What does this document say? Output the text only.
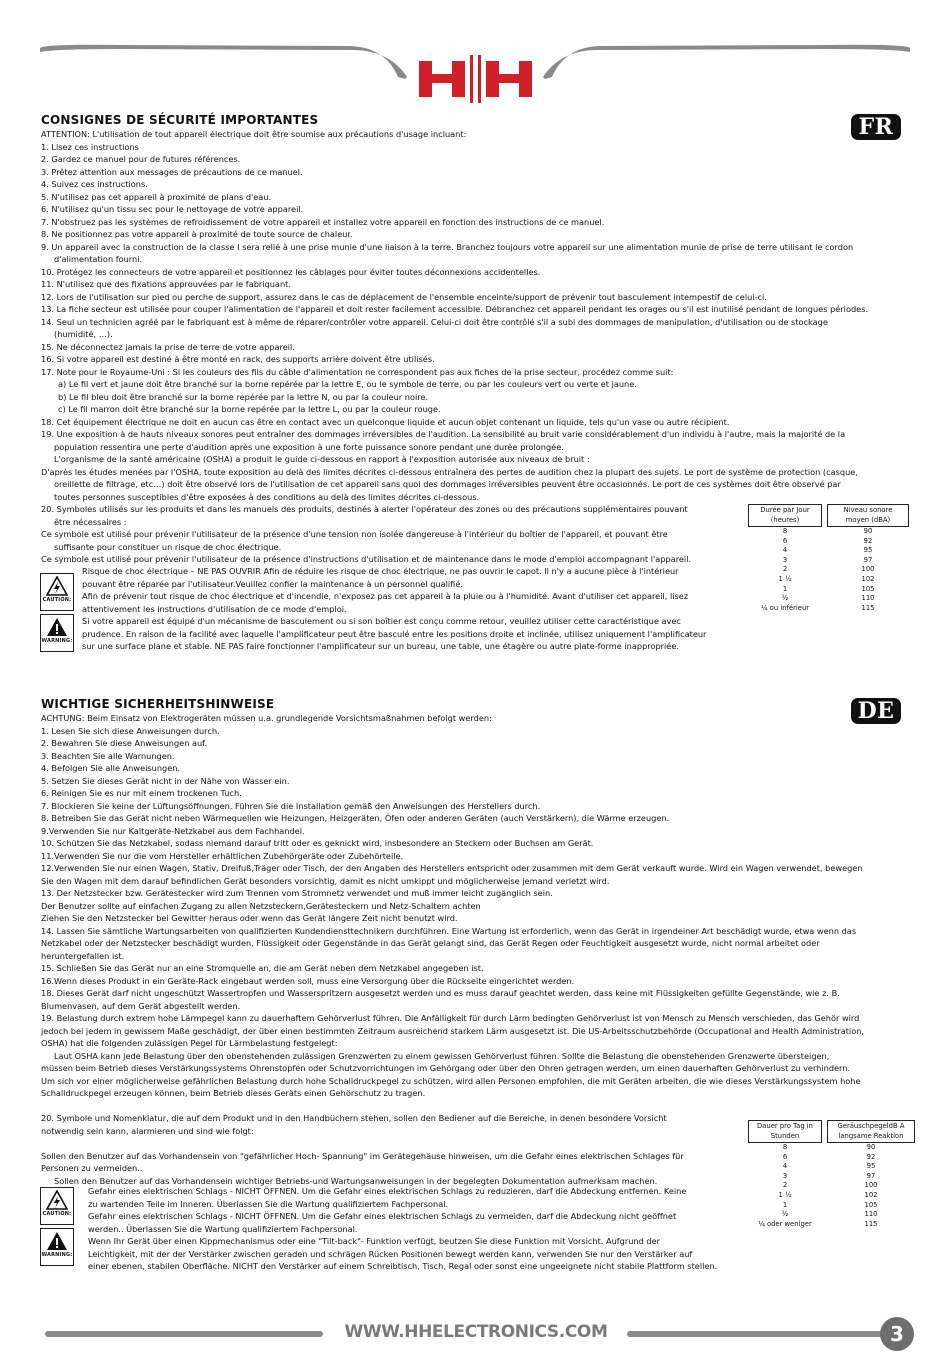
FR
CONSIGNES DE SÉCURITÉ IMPORTANTES

ATTENTION: L'utilisation de tout appareil électrique doit être soumise aux précautions d'usage incluant:

1. Lisez ces instructions

2. Gardez ce manuel pour de futures références.

3. Prêtez attention aux messages de précautions de ce manuel.

4. Suivez ces instructions.

5. N'utilisez pas cet appareil à proximité de plans d'eau.

6. N'utilisez qu'un tissu sec pour le nettoyage de votre appareil.

7. N'obstruez pas les systèmes de refroidissement de votre appareil et installez votre appareil en fonction des instructions de ce manuel.

8. Ne positionnez pas votre appareil à proximité de toute source de chaleur.

9. Un appareil avec la construction de la classe I sera relié à une prise munie d'une liaison à la terre. Branchez toujours votre appareil sur une alimentation munie de prise de terre utilisant le cordon

d'alimentation fourni.

10. Protégez les connecteurs de votre appareil et positionnez les câblages pour éviter toutes déconnexions accidentelles.

11. N'utilisez que des fixations approuvées par le fabriquant.

12. Lors de l'utilisation sur pied ou perche de support, assurez dans le cas de déplacement de l'ensemble enceinte/support de prévenir tout basculement intempestif de celui-ci.

13. La fiche secteur est utilisée pour couper l'alimentation de l'appareil et doit rester facilement accessible. Débranchez cet appareil pendant les orages ou s'il est inutilisé pendant de longues périodes.

14. Seul un technicien agréé par le fabriquant est à même de réparer/contrôler votre appareil. Celui-ci doit être contrôlé s'il a subi des dommages de manipulation, d'utilisation ou de stockage

(humidité, …).

15. Ne déconnectez jamais la prise de terre de votre appareil.

16. Si votre appareil est destiné à être monté en rack, des supports arrière doivent être utilisés.

17. Note pour le Royaume-Uni : Si les couleurs des fils du câble d'alimentation ne correspondent pas aux fiches de la prise secteur, procédez comme suit:

a) Le fil vert et jaune doit être branché sur la borne repérée par la lettre E, ou le symbole de terre, ou par les couleurs vert ou verte et jaune.

b) Le fil bleu doit être branché sur la borne repérée par la lettre N, ou par la couleur noire.

c) Le fil marron doit être branché sur la borne repérée par la lettre L, ou par la couleur rouge.

18. Cet équipement électrique ne doit en aucun cas être en contact avec un quelconque liquide et aucun objet contenant un liquide, tels qu'un vase ou autre récipient.

19. Une exposition à de hauts niveaux sonores peut entraîner des dommages irréversibles de l'audition. La sensibilité au bruit varie considérablement d'un individu à l'autre, mais la majorité de la

population ressentira une perte d'audition après une exposition à une forte puissance sonore pendant une durée prolongée.

L'organisme de la santé américaine (OSHA) a produit le guide ci-dessous en rapport à l'exposition autorisée aux niveaux de bruit :

D'après les études menées par l'OSHA, toute exposition au delà des limites décrites ci-dessous entraînera des pertes de audition chez la plupart des sujets. Le port de système de protection (casque,

oreillette de filtrage, etc…) doit être observé lors de l'utilisation de cet appareil sans quoi des dommages irréversibles peuvent être occasionnés. Le port de ces systèmes doit être observé par

toutes personnes susceptibles d'être exposées à des conditions au delà des limites décrites ci-dessous.

20. Symboles utilisés sur les produits et dans les manuels des produits, destinés à alerter l'opérateur des zones ou des précautions supplémentaires pouvant

être nécessaires :

Ce symbole est utilisé pour prévenir l'utilisateur de la présence d'une tension non isolée dangereuse à l'intérieur du boîtier de l'appareil, et pouvant être

suffisante pour constituer un risque de choc électrique.

Ce symbole est utilisé pour prévenir l'utilisateur de la présence d'instructions d'utilisation et de maintenance dans le mode d'emploi accompagnant l'appareil.

Risque de choc électrique – NE PAS OUVRIR Afin de réduire les risque de choc électrique, ne pas ouvrir le capot. Il n'y a aucune pièce à l'intérieur

pouvant être réparée par l'utilisateur.Veuillez confier la maintenance à un personnel qualifié.

Afin de prévenir tout risque de choc électrique et d'incendie, n'exposez pas cet appareil à la pluie ou à l'humidité. Avant d'utiliser cet appareil, lisez

attentivement les instructions d'utilisation de ce mode d'emploi.

Si votre appareil est équipé d'un mécanisme de basculement ou si son boîtier est conçu comme retour, veuillez utiliser cette caractéristique avec

prudence. En raison de la facilité avec laquelle l'amplificateur peut être basculé entre les positions droite et inclinée, utilisez uniquement l'amplificateur

sur une surface plane et stable. NE PAS faire fonctionner l'amplificateur sur un bureau, une table, une étagère ou autre plate-forme inappropriée.

CAUTION:
WARNING:
Durée par Jour (heures)	Niveau sonore moyen (dBA)
8	90
6	92
4	95
3	97
2	100
1 ½	102
1	105
½	110
¼ ou inférieur	115
DE
WICHTIGE SICHERHEITSHINWEISE

ACHTUNG: Beim Einsatz von Elektrogeräten müssen u.a. grundlegende Vorsichtsmaßnahmen befolgt werden:

1. Lesen Sie sich diese Anweisungen durch.

2. Bewahren Sie diese Anweisungen auf.

3. Beachten Sie alle Warnungen.

4. Befolgen Sie alle Anweisungen.

5. Setzen Sie dieses Gerät nicht in der Nähe von Wasser ein.

6. Reinigen Sie es nur mit einem trockenen Tuch.

7. Blockieren Sie keine der Lüftungsöffnungen. Führen Sie die Installation gemäß den Anweisungen des Herstellers durch.

8. Betreiben Sie das Gerät nicht neben Wärmequellen wie Heizungen, Heizgeräten, Öfen oder anderen Geräten (auch Verstärkern), die Wärme erzeugen.

9.Verwenden Sie nur Kaltgeräte-Netzkabel aus dem Fachhandel.

10. Schützen Sie das Netzkabel, sodass niemand darauf tritt oder es geknickt wird, insbesondere an Steckern oder Buchsen am Gerät.

11.Verwenden Sie nur die vom Hersteller erhältlichen Zubehörgeräte oder Zubehörteile.

12.Verwenden Sie nur einen Wagen, Stativ, Dreifuß,Träger oder Tisch, der den Angaben des Herstellers entspricht oder zusammen mit dem Gerät verkauft wurde. Wird ein Wagen verwendet, bewegen

Sie den Wagen mit dem darauf befindlichen Gerät besonders vorsichtig, damit es nicht umkippt und möglicherweise jemand verletzt wird.

13. Der Netzstecker bzw. Gerätestecker wird zum Trennen vom Stromnetz verwendet und muß immer leicht zugänglich sein.

Der Benutzer sollte auf einfachen Zugang zu allen Netzsteckern,Gerätesteckern und Netz-Schaltern achten

Ziehen Sie den Netzstecker bei Gewitter heraus oder wenn das Gerät längere Zeit nicht benutzt wird.

14. Lassen Sie sämtliche Wartungsarbeiten von qualifizierten Kundendiensttechnikern durchführen. Eine Wartung ist erforderlich, wenn das Gerät in irgendeiner Art beschädigt wurde, etwa wenn das

Netzkabel oder der Netzstecker beschädigt wurden, Flüssigkeit oder Gegenstände in das Gerät gelangt sind, das Gerät Regen oder Feuchtigkeit ausgesetzt wurde, nicht normal arbeitet oder

heruntergefallen ist.

15. Schließen Sie das Gerät nur an eine Stromquelle an, die am Gerät neben dem Netzkabel angegeben ist.

16.Wenn dieses Produkt in ein Geräte-Rack eingebaut werden soll, muss eine Versorgung über die Rückseite eingerichtet werden.

18. Dieses Gerät darf nicht ungeschützt Wassertropfen und Wasserspritzern ausgesetzt werden und es muss darauf geachtet werden, dass keine mit Flüssigkeiten gefüllte Gegenstände, wie z. B.

Blumenvasen, auf dem Gerät abgestellt werden.

19. Belastung durch extrem hohe Lärmpegel kann zu dauerhaftem Gehörverlust führen. Die Anfälligkeit für durch Lärm bedingten Gehörverlust ist von Mensch zu Mensch verschieden, das Gehör wird

jedoch bei jedem in gewissem Maße geschädigt, der über einen bestimmten Zeitraum ausreichend starkem Lärm ausgesetzt ist. Die US-Arbeitsschutzbehörde (Occupational and Health Administration,

OSHA) hat die folgenden zulässigen Pegel für Lärmbelastung festgelegt:

Laut OSHA kann jede Belastung über den obenstehenden zulässigen Grenzwerten zu einem gewissen Gehörverlust führen. Sollte die Belastung die obenstehenden Grenzwerte übersteigen,

müssen beim Betrieb dieses Verstärkungssystems Ohrenstopfen oder Schutzvorrichtungen im Gehörgang oder über den Ohren getragen werden, um einen dauerhaften Gehörverlust zu verhindern.

Um sich vor einer möglicherweise gefährlichen Belastung durch hohe Schalldruckpegel zu schützen, wird allen Personen empfohlen, die mit Geräten arbeiten, die wie dieses Verstärkungssystem hohe

Schalldruckpegel erzeugen können, beim Betrieb dieses Geräts einen Gehörschutz zu tragen.

20. Symbole und Nomenklatur, die auf dem Produkt und in den Handbüchern stehen, sollen den Bediener auf die Bereiche, in denen besondere Vorsicht

notwendig sein kann, alarmieren und sind wie folgt:

Sollen den Benutzer auf das Vorhandensein von "gefährlicher Hoch- Spannung" im Gerätegehäuse hinweisen, um die Gefahr eines elektrischen Schlages für

Personen zu vermeiden..

Sollen den Benutzer auf das Vorhandensein wichtiger Betriebs-und Wartungsanweisungen in der begelegten Dokumentation aufmerksam machen.

Gefahr eines elektrischen Schlags - NICHT ÖFFNEN. Um die Gefahr eines elektrischen Schlags zu reduzieren, darf die Abdeckung entfernen. Keine

zu wartenden Teile im Inneren. Überlassen Sie die Wartung qualifiziertem Fachpersonal.

Gefahr eines elektrischen Schlags - NICHT ÖFFNEN. Um die Gefahr eines elektrischen Schlags zu vermeiden, darf die Abdeckung nicht geöffnet

werden.. Überlassen Sie die Wartung qualifiziertem Fachpersonal.

Wenn Ihr Gerät über einen Kippmechanismus oder eine "Tilt-back"- Funktion verfügt, beutzen Sie diese Funktion mit Vorsicht. Aufgrund der

Leichtigkeit, mit der der Verstärker zwischen geraden und schrägen Rücken Positionen bewegt werden kann, verwenden Sie nur den Verstärker auf

einer ebenen, stabilen Oberfläche. NICHT den Verstärker auf einem Schreibtisch, Tisch, Regal oder sonst eine ungeeignete nicht stabile Plattform stellen.

CAUTION:
WARNING:
Dauer pro Tag in Stunden	GeräuschpegeldB A langsame Reaktion
8	90
6	92
4	95
3	97
2	100
1 ½	102
1	105
½	110
¼ oder weniger	115
WWW.HHELECTRONICS.COM	3
